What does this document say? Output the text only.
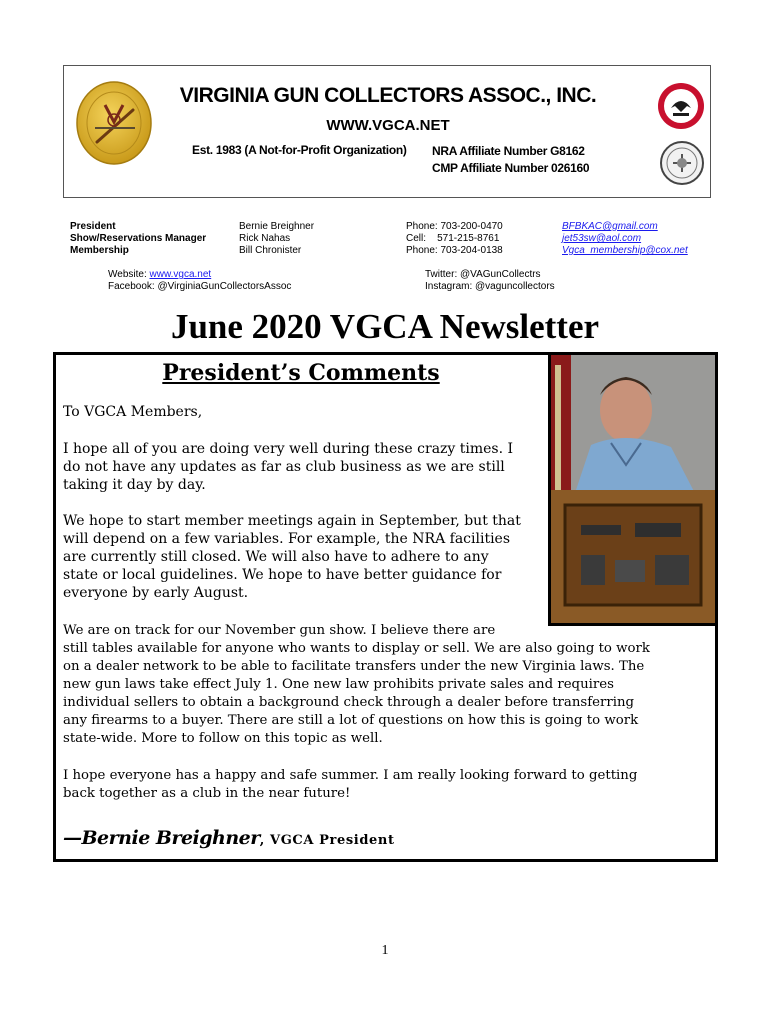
VIRGINIA GUN COLLECTORS ASSOC., INC.
WWW.VGCA.NET
Est. 1983 (A Not-for-Profit Organization) NRA Affiliate Number G8162
CMP Affiliate Number 026160
President
Show/Reservations Manager
Membership
Bernie Breighner
Rick Nahas
Bill Chronister
Phone: 703-200-0470
Cell:    571-215-8761
Phone: 703-204-0138
BFBKAC@gmail.com
jet53sw@aol.com
Vgca_membership@cox.net
Website: www.vgca.net
Facebook: @VirginiaGunCollectorsAssoc
Twitter: @VAGunCollectrs
Instagram: @vaguncollectors
June 2020 VGCA Newsletter
President’s Comments
To VGCA Members,
I hope all of you are doing very well during these crazy times. I
do not have any updates as far as club business as we are still
taking it day by day.
We hope to start member meetings again in September, but that
will depend on a few variables. For example, the NRA facilities
are currently still closed. We will also have to adhere to any
state or local guidelines. We hope to have better guidance for
everyone by early August.
We are on track for our November gun show. I believe there are
still tables available for anyone who wants to display or sell. We are also going to work
on a dealer network to be able to facilitate transfers under the new Virginia laws. The
new gun laws take effect July 1. One new law prohibits private sales and requires
individual sellers to obtain a background check through a dealer before transferring
any firearms to a buyer. There are still a lot of questions on how this is going to work
state-wide. More to follow on this topic as well.
I hope everyone has a happy and safe summer. I am really looking forward to getting
back together as a club in the near future!
—Bernie Breighner, VGCA President
1
